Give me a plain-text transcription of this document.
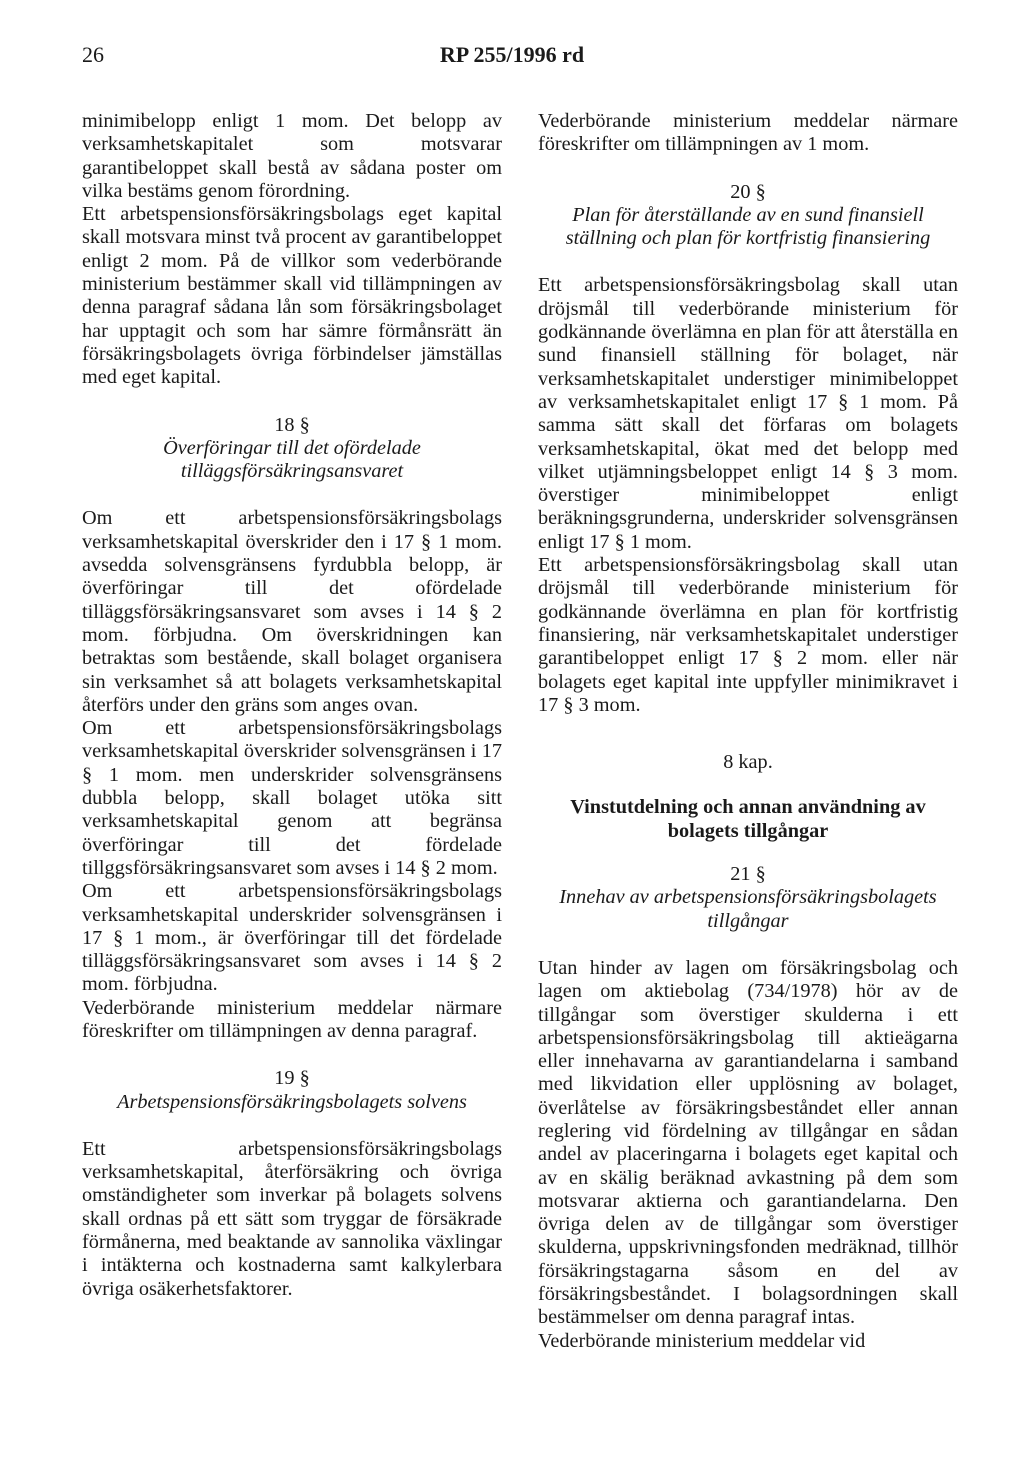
26	RP 255/1996 rd

minimibelopp enligt 1 mom. Det belopp av verksamhetskapitalet som motsvarar garantibeloppet skall bestå av sådana poster om vilka bestäms genom förordning.

Ett arbetspensionsförsäkringsbolags eget kapital skall motsvara minst två procent av garantibeloppet enligt 2 mom. På de villkor som vederbörande ministerium bestämmer skall vid tillämpningen av denna paragraf sådana lån som försäkringsbolaget har upptagit och som har sämre förmånsrätt än försäkringsbolagets övriga förbindelser jämställas med eget kapital.

18 §
Överföringar till det ofördelade tilläggsförsäkringsansvaret

Om ett arbetspensionsförsäkringsbolags verksamhetskapital överskrider den i 17 § 1 mom. avsedda solvensgränsens fyrdubbla belopp, är överföringar till det ofördelade tilläggsförsäkringsansvaret som avses i 14 § 2 mom. förbjudna. Om överskridningen kan betraktas som bestående, skall bolaget organisera sin verksamhet så att bolagets verksamhetskapital återförs under den gräns som anges ovan.

Om ett arbetspensionsförsäkringsbolags verksamhetskapital överskrider solvensgränsen i 17 § 1 mom. men underskrider solvensgränsens dubbla belopp, skall bolaget utöka sitt verksamhetskapital genom att begränsa överföringar till det fördelade tillggsförsäkringsansvaret som avses i 14 § 2 mom.

Om ett arbetspensionsförsäkringsbolags verksamhetskapital underskrider solvensgränsen i 17 § 1 mom., är överföringar till det fördelade tilläggsförsäkringsansvaret som avses i 14 § 2 mom. förbjudna.

Vederbörande ministerium meddelar närmare föreskrifter om tillämpningen av denna paragraf.

19 §
Arbetspensionsförsäkringsbolagets solvens

Ett arbetspensionsförsäkringsbolags verksamhetskapital, återförsäkring och övriga omständigheter som inverkar på bolagets solvens skall ordnas på ett sätt som tryggar de försäkrade förmånerna, med beaktande av sannolika växlingar i intäkterna och kostnaderna samt kalkylerbara övriga osäkerhetsfaktorer.

Vederbörande ministerium meddelar närmare föreskrifter om tillämpningen av 1 mom.

20 §
Plan för återställande av en sund finansiell ställning och plan för kortfristig finansiering

Ett arbetspensionsförsäkringsbolag skall utan dröjsmål till vederbörande ministerium för godkännande överlämna en plan för att återställa en sund finansiell ställning för bolaget, när verksamhetskapitalet understiger minimibeloppet av verksamhetskapitalet enligt 17 § 1 mom. På samma sätt skall det förfaras om bolagets verksamhetskapital, ökat med det belopp med vilket utjämningsbeloppet enligt 14 § 3 mom. överstiger minimibeloppet enligt beräkningsgrunderna, underskrider solvensgränsen enligt 17 § 1 mom.

Ett arbetspensionsförsäkringsbolag skall utan dröjsmål till vederbörande ministerium för godkännande överlämna en plan för kortfristig finansiering, när verksamhetskapitalet understiger garantibeloppet enligt 17 § 2 mom. eller när bolagets eget kapital inte uppfyller minimikravet i 17 § 3 mom.

8 kap.
Vinstutdelning och annan användning av bolagets tillgångar
21 §
Innehav av arbetspensionsförsäkringsbolagets tillgångar

Utan hinder av lagen om försäkringsbolag och lagen om aktiebolag (734/1978) hör av de tillgångar som överstiger skulderna i ett arbetspensionsförsäkringsbolag till aktieägarna eller innehavarna av garantiandelarna i samband med likvidation eller upplösning av bolaget, överlåtelse av försäkringsbeståndet eller annan reglering vid fördelning av tillgångar en sådan andel av placeringarna i bolagets eget kapital och av en skälig beräknad avkastning på dem som motsvarar aktierna och garantiandelarna. Den övriga delen av de tillgångar som överstiger skulderna, uppskrivningsfonden medräknad, tillhör försäkringstagarna såsom en del av försäkringsbeståndet. I bolagsordningen skall bestämmelser om denna paragraf intas.

Vederbörande ministerium meddelar vid
